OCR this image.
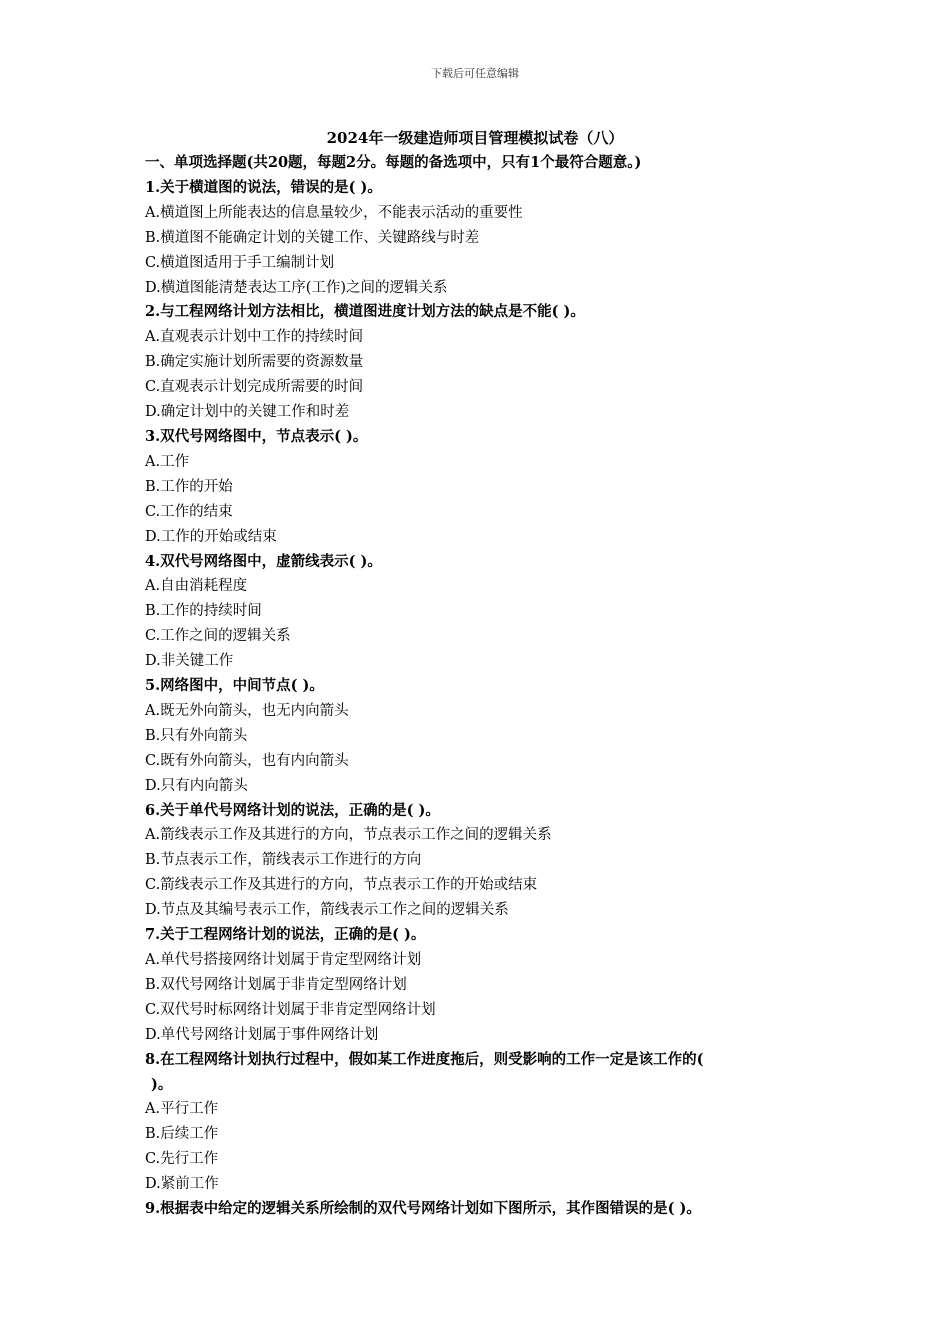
下载后可任意编辑
2024年一级建造师项目管理模拟试卷（八）
一、单项选择题(共20题，每题2分。每题的备选项中，只有1个最符合题意。)
1.关于横道图的说法，错误的是( )。
A.横道图上所能表达的信息量较少，不能表示活动的重要性
B.横道图不能确定计划的关键工作、关键路线与时差
C.横道图适用于手工编制计划
D.横道图能清楚表达工序(工作)之间的逻辑关系
2.与工程网络计划方法相比，横道图进度计划方法的缺点是不能( )。
A.直观表示计划中工作的持续时间
B.确定实施计划所需要的资源数量
C.直观表示计划完成所需要的时间
D.确定计划中的关键工作和时差
3.双代号网络图中，节点表示( )。
A.工作
B.工作的开始
C.工作的结束
D.工作的开始或结束
4.双代号网络图中，虚箭线表示( )。
A.自由消耗程度
B.工作的持续时间
C.工作之间的逻辑关系
D.非关键工作
5.网络图中，中间节点( )。
A.既无外向箭头，也无内向箭头
B.只有外向箭头
C.既有外向箭头，也有内向箭头
D.只有内向箭头
6.关于单代号网络计划的说法，正确的是( )。
A.箭线表示工作及其进行的方向，节点表示工作之间的逻辑关系
B.节点表示工作，箭线表示工作进行的方向
C.箭线表示工作及其进行的方向，节点表示工作的开始或结束
D.节点及其编号表示工作，箭线表示工作之间的逻辑关系
7.关于工程网络计划的说法，正确的是( )。
A.单代号搭接网络计划属于肯定型网络计划
B.双代号网络计划属于非肯定型网络计划
C.双代号时标网络计划属于非肯定型网络计划
D.单代号网络计划属于事件网络计划
8.在工程网络计划执行过程中，假如某工作进度拖后，则受影响的工作一定是该工作的(
)。
A.平行工作
B.后续工作
C.先行工作
D.紧前工作
9.根据表中给定的逻辑关系所绘制的双代号网络计划如下图所示，其作图错误的是( )。
